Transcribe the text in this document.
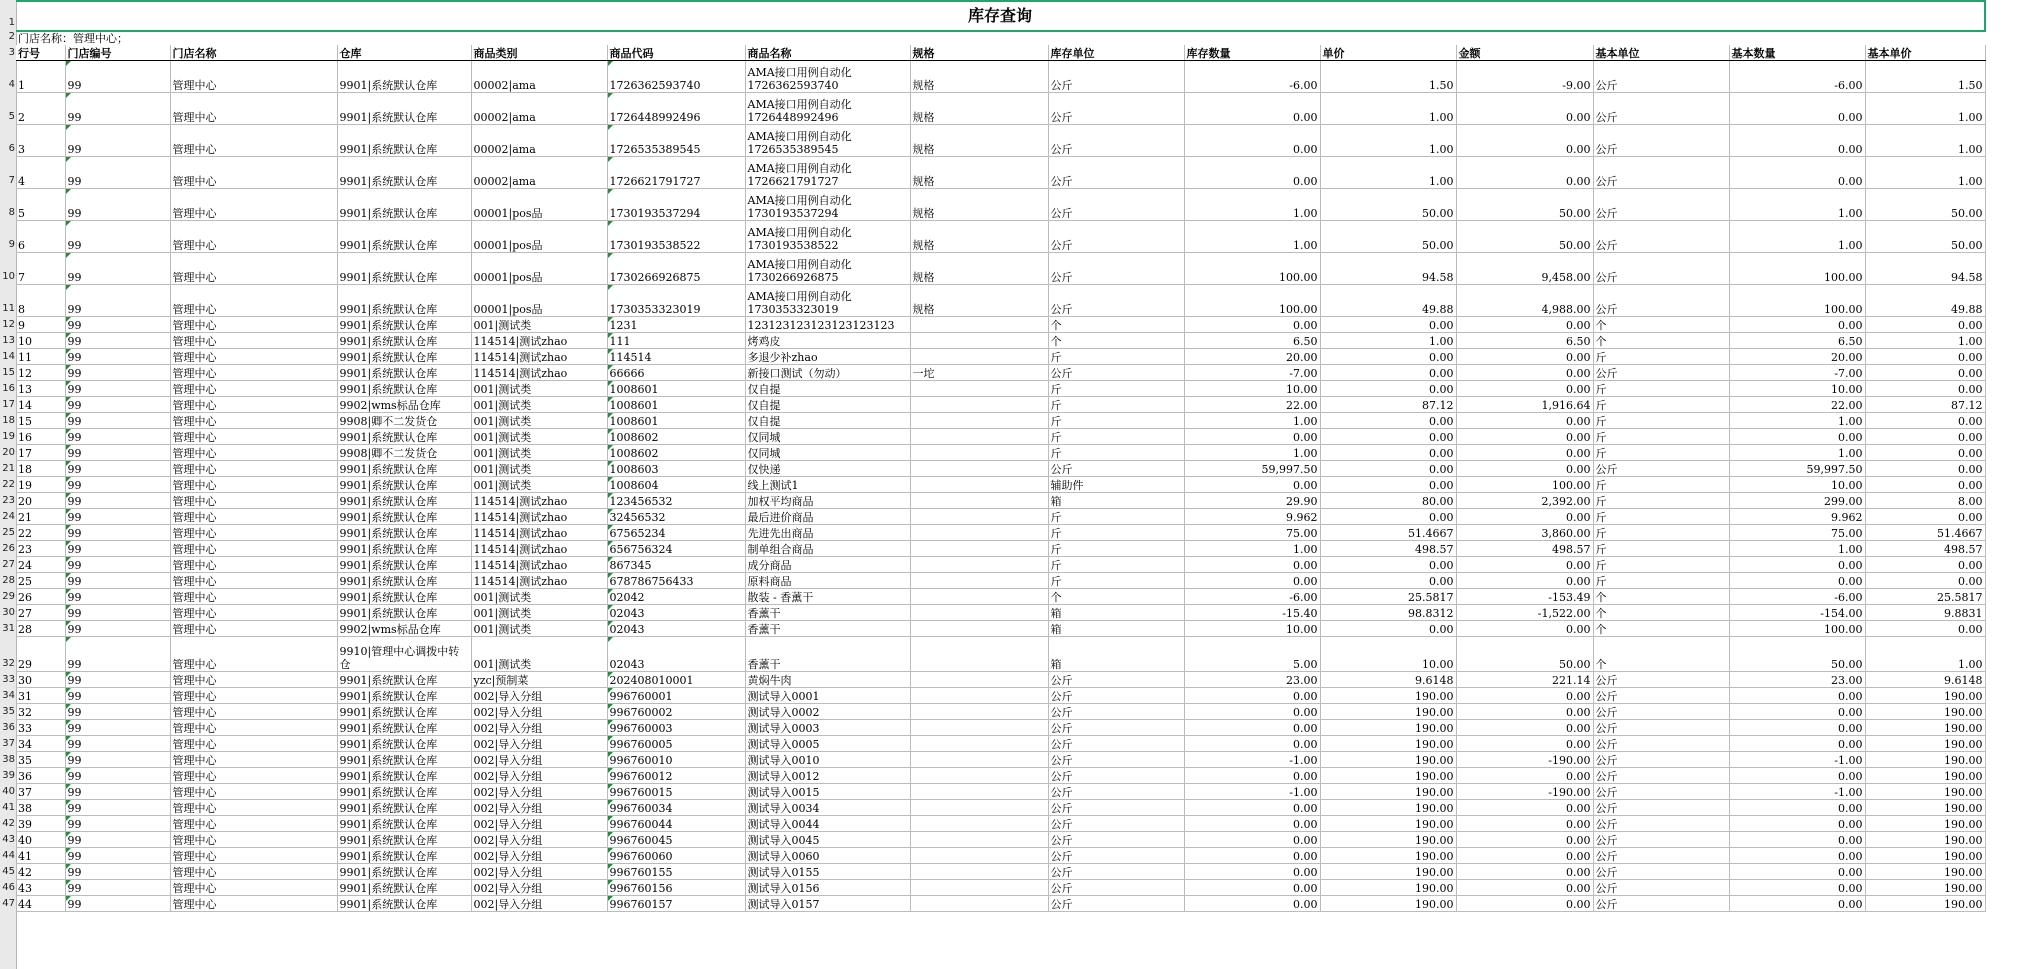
1
2
3
4
5
6
7
8
9
10
11
12
13
14
15
16
17
18
19
20
21
22
23
24
25
26
27
28
29
30
31
32
33
34
35
36
37
38
39
40
41
42
43
44
45
46
47
库存查询														
门店名称：管理中心；														
行号	门店编号	门店名称	仓库	商品类别	商品代码	商品名称	规格	库存单位	库存数量	单价	金额	基本单位	基本数量	基本单价
1	99	管理中心	9901|系统默认仓库	00002|ama	1726362593740	AMA接口用例自动化 1726362593740	规格	公斤	-6.00	1.50	-9.00	公斤	-6.00	1.50
2	99	管理中心	9901|系统默认仓库	00002|ama	1726448992496	AMA接口用例自动化 1726448992496	规格	公斤	0.00	1.00	0.00	公斤	0.00	1.00
3	99	管理中心	9901|系统默认仓库	00002|ama	1726535389545	AMA接口用例自动化 1726535389545	规格	公斤	0.00	1.00	0.00	公斤	0.00	1.00
4	99	管理中心	9901|系统默认仓库	00002|ama	1726621791727	AMA接口用例自动化 1726621791727	规格	公斤	0.00	1.00	0.00	公斤	0.00	1.00
5	99	管理中心	9901|系统默认仓库	00001|pos品	1730193537294	AMA接口用例自动化 1730193537294	规格	公斤	1.00	50.00	50.00	公斤	1.00	50.00
6	99	管理中心	9901|系统默认仓库	00001|pos品	1730193538522	AMA接口用例自动化 1730193538522	规格	公斤	1.00	50.00	50.00	公斤	1.00	50.00
7	99	管理中心	9901|系统默认仓库	00001|pos品	1730266926875	AMA接口用例自动化 1730266926875	规格	公斤	100.00	94.58	9,458.00	公斤	100.00	94.58
8	99	管理中心	9901|系统默认仓库	00001|pos品	1730353323019	AMA接口用例自动化 1730353323019	规格	公斤	100.00	49.88	4,988.00	公斤	100.00	49.88
9	99	管理中心	9901|系统默认仓库	001|测试类	1231	123123123123123123123		个	0.00	0.00	0.00	个	0.00	0.00
10	99	管理中心	9901|系统默认仓库	114514|测试zhao	111	烤鸡皮		个	6.50	1.00	6.50	个	6.50	1.00
11	99	管理中心	9901|系统默认仓库	114514|测试zhao	114514	多退少补zhao		斤	20.00	0.00	0.00	斤	20.00	0.00
12	99	管理中心	9901|系统默认仓库	114514|测试zhao	66666	新接口测试（勿动）	一坨	公斤	-7.00	0.00	0.00	公斤	-7.00	0.00
13	99	管理中心	9901|系统默认仓库	001|测试类	1008601	仅自提		斤	10.00	0.00	0.00	斤	10.00	0.00
14	99	管理中心	9902|wms标品仓库	001|测试类	1008601	仅自提		斤	22.00	87.12	1,916.64	斤	22.00	87.12
15	99	管理中心	9908|卿不二发货仓	001|测试类	1008601	仅自提		斤	1.00	0.00	0.00	斤	1.00	0.00
16	99	管理中心	9901|系统默认仓库	001|测试类	1008602	仅同城		斤	0.00	0.00	0.00	斤	0.00	0.00
17	99	管理中心	9908|卿不二发货仓	001|测试类	1008602	仅同城		斤	1.00	0.00	0.00	斤	1.00	0.00
18	99	管理中心	9901|系统默认仓库	001|测试类	1008603	仅快递		公斤	59,997.50	0.00	0.00	公斤	59,997.50	0.00
19	99	管理中心	9901|系统默认仓库	001|测试类	1008604	线上测试1		辅助件	0.00	0.00	100.00	斤	10.00	0.00
20	99	管理中心	9901|系统默认仓库	114514|测试zhao	123456532	加权平均商品		箱	29.90	80.00	2,392.00	斤	299.00	8.00
21	99	管理中心	9901|系统默认仓库	114514|测试zhao	32456532	最后进价商品		斤	9.962	0.00	0.00	斤	9.962	0.00
22	99	管理中心	9901|系统默认仓库	114514|测试zhao	67565234	先进先出商品		斤	75.00	51.4667	3,860.00	斤	75.00	51.4667
23	99	管理中心	9901|系统默认仓库	114514|测试zhao	656756324	制单组合商品		斤	1.00	498.57	498.57	斤	1.00	498.57
24	99	管理中心	9901|系统默认仓库	114514|测试zhao	867345	成分商品		斤	0.00	0.00	0.00	斤	0.00	0.00
25	99	管理中心	9901|系统默认仓库	114514|测试zhao	678786756433	原料商品		斤	0.00	0.00	0.00	斤	0.00	0.00
26	99	管理中心	9901|系统默认仓库	001|测试类	02042	散装 - 香薰干		个	-6.00	25.5817	-153.49	个	-6.00	25.5817
27	99	管理中心	9901|系统默认仓库	001|测试类	02043	香薰干		箱	-15.40	98.8312	-1,522.00	个	-154.00	9.8831
28	99	管理中心	9902|wms标品仓库	001|测试类	02043	香薰干		箱	10.00	0.00	0.00	个	100.00	0.00
29	99	管理中心	9910|管理中心调拨中转仓	001|测试类	02043	香薰干		箱	5.00	10.00	50.00	个	50.00	1.00
30	99	管理中心	9901|系统默认仓库	yzc|预制菜	202408010001	黄焖牛肉		公斤	23.00	9.6148	221.14	公斤	23.00	9.6148
31	99	管理中心	9901|系统默认仓库	002|导入分组	996760001	测试导入0001		公斤	0.00	190.00	0.00	公斤	0.00	190.00
32	99	管理中心	9901|系统默认仓库	002|导入分组	996760002	测试导入0002		公斤	0.00	190.00	0.00	公斤	0.00	190.00
33	99	管理中心	9901|系统默认仓库	002|导入分组	996760003	测试导入0003		公斤	0.00	190.00	0.00	公斤	0.00	190.00
34	99	管理中心	9901|系统默认仓库	002|导入分组	996760005	测试导入0005		公斤	0.00	190.00	0.00	公斤	0.00	190.00
35	99	管理中心	9901|系统默认仓库	002|导入分组	996760010	测试导入0010		公斤	-1.00	190.00	-190.00	公斤	-1.00	190.00
36	99	管理中心	9901|系统默认仓库	002|导入分组	996760012	测试导入0012		公斤	0.00	190.00	0.00	公斤	0.00	190.00
37	99	管理中心	9901|系统默认仓库	002|导入分组	996760015	测试导入0015		公斤	-1.00	190.00	-190.00	公斤	-1.00	190.00
38	99	管理中心	9901|系统默认仓库	002|导入分组	996760034	测试导入0034		公斤	0.00	190.00	0.00	公斤	0.00	190.00
39	99	管理中心	9901|系统默认仓库	002|导入分组	996760044	测试导入0044		公斤	0.00	190.00	0.00	公斤	0.00	190.00
40	99	管理中心	9901|系统默认仓库	002|导入分组	996760045	测试导入0045		公斤	0.00	190.00	0.00	公斤	0.00	190.00
41	99	管理中心	9901|系统默认仓库	002|导入分组	996760060	测试导入0060		公斤	0.00	190.00	0.00	公斤	0.00	190.00
42	99	管理中心	9901|系统默认仓库	002|导入分组	996760155	测试导入0155		公斤	0.00	190.00	0.00	公斤	0.00	190.00
43	99	管理中心	9901|系统默认仓库	002|导入分组	996760156	测试导入0156		公斤	0.00	190.00	0.00	公斤	0.00	190.00
44	99	管理中心	9901|系统默认仓库	002|导入分组	996760157	测试导入0157		公斤	0.00	190.00	0.00	公斤	0.00	190.00
